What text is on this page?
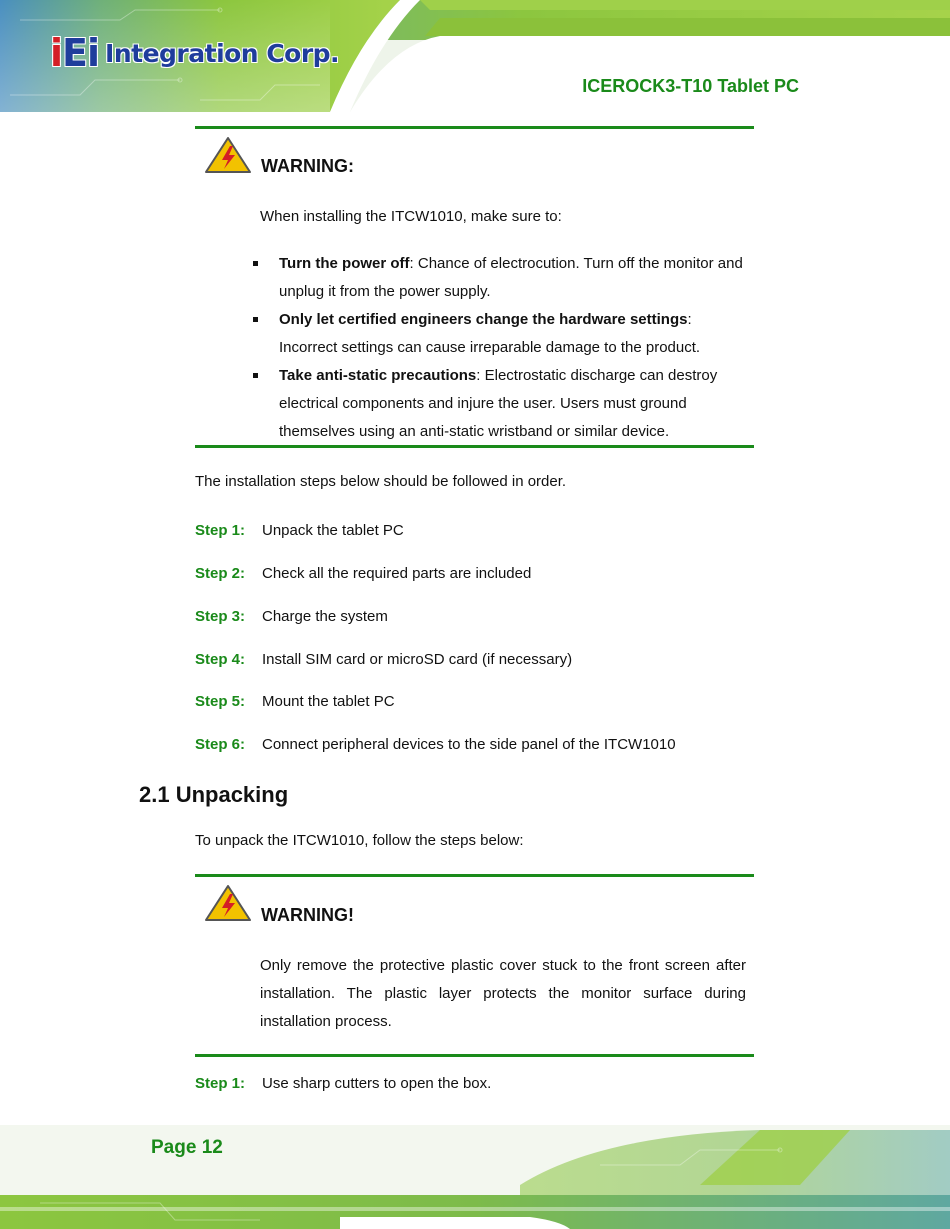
iEi Integration Corp.
ICEROCK3-T10 Tablet PC
WARNING:
When installing the ITCW1010, make sure to:
Turn the power off: Chance of electrocution. Turn off the monitor and unplug it from the power supply.
Only let certified engineers change the hardware settings: Incorrect settings can cause irreparable damage to the product.
Take anti-static precautions: Electrostatic discharge can destroy electrical components and injure the user. Users must ground themselves using an anti-static wristband or similar device.
The installation steps below should be followed in order.
Step 1: Unpack the tablet PC
Step 2: Check all the required parts are included
Step 3: Charge the system
Step 4: Install SIM card or microSD card (if necessary)
Step 5: Mount the tablet PC
Step 6: Connect peripheral devices to the side panel of the ITCW1010
2.1 Unpacking
To unpack the ITCW1010, follow the steps below:
WARNING!
Only remove the protective plastic cover stuck to the front screen after installation. The plastic layer protects the monitor surface during installation process.
Step 1: Use sharp cutters to open the box.
Page 12
